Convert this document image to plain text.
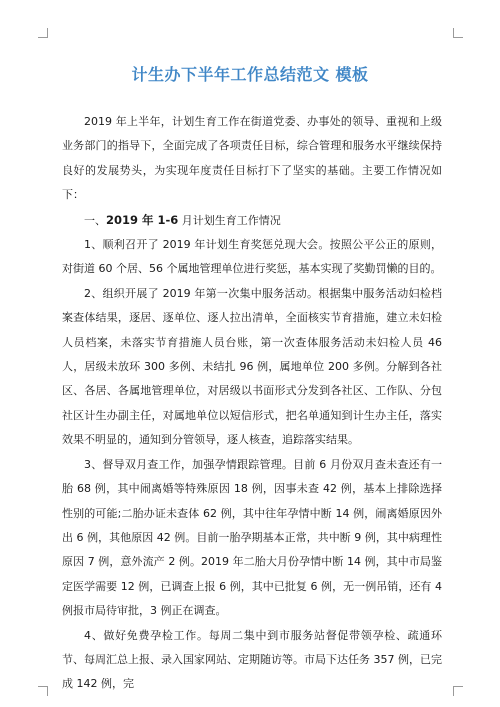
计生办下半年工作总结范文 模板

2019 年上半年，计划生育工作在街道党委、办事处的领导、重视和上级业务部门的指导下，全面完成了各项责任目标，综合管理和服务水平继续保持良好的发展势头，为实现年度责任目标打下了坚实的基础。主要工作情况如下：

一、2019 年 1-6 月计划生育工作情况

1、顺利召开了 2019 年计划生育奖惩兑现大会。按照公平公正的原则，对街道 60 个居、56 个属地管理单位进行奖惩，基本实现了奖勤罚懒的目的。

2、组织开展了 2019 年第一次集中服务活动。根据集中服务活动妇检档案查体结果，逐居、逐单位、逐人拉出清单，全面核实节育措施，建立未妇检人员档案，未落实节育措施人员台账，第一次查体服务活动未妇检人员 46 人，居级未放环 300 多例、未结扎 96 例，属地单位 200 多例。分解到各社区、各居、各属地管理单位，对居级以书面形式分发到各社区、工作队、分包社区计生办副主任，对属地单位以短信形式，把名单通知到计生办主任，落实效果不明显的，通知到分管领导，逐人核查，追踪落实结果。

3、督导双月查工作，加强孕情跟踪管理。目前 6 月份双月查未查还有一胎 68 例，其中闹离婚等特殊原因 18 例，因事未查 42 例，基本上排除选择性别的可能;二胎办证未查体 62 例，其中往年孕情中断 14 例，闹离婚原因外出 6 例，其他原因 42 例。目前一胎孕期基本正常，共中断 9 例，其中病理性原因 7 例，意外流产 2 例。2019 年二胎大月份孕情中断 14 例，其中市局鉴定医学需要 12 例，已调查上报 6 例，其中已批复 6 例，无一例吊销，还有 4 例报市局待审批，3 例正在调查。

4、做好免费孕检工作。每周二集中到市服务站督促带领孕检、疏通环节、每周汇总上报、录入国家网站、定期随访等。市局下达任务 357 例，已完成 142 例，完
